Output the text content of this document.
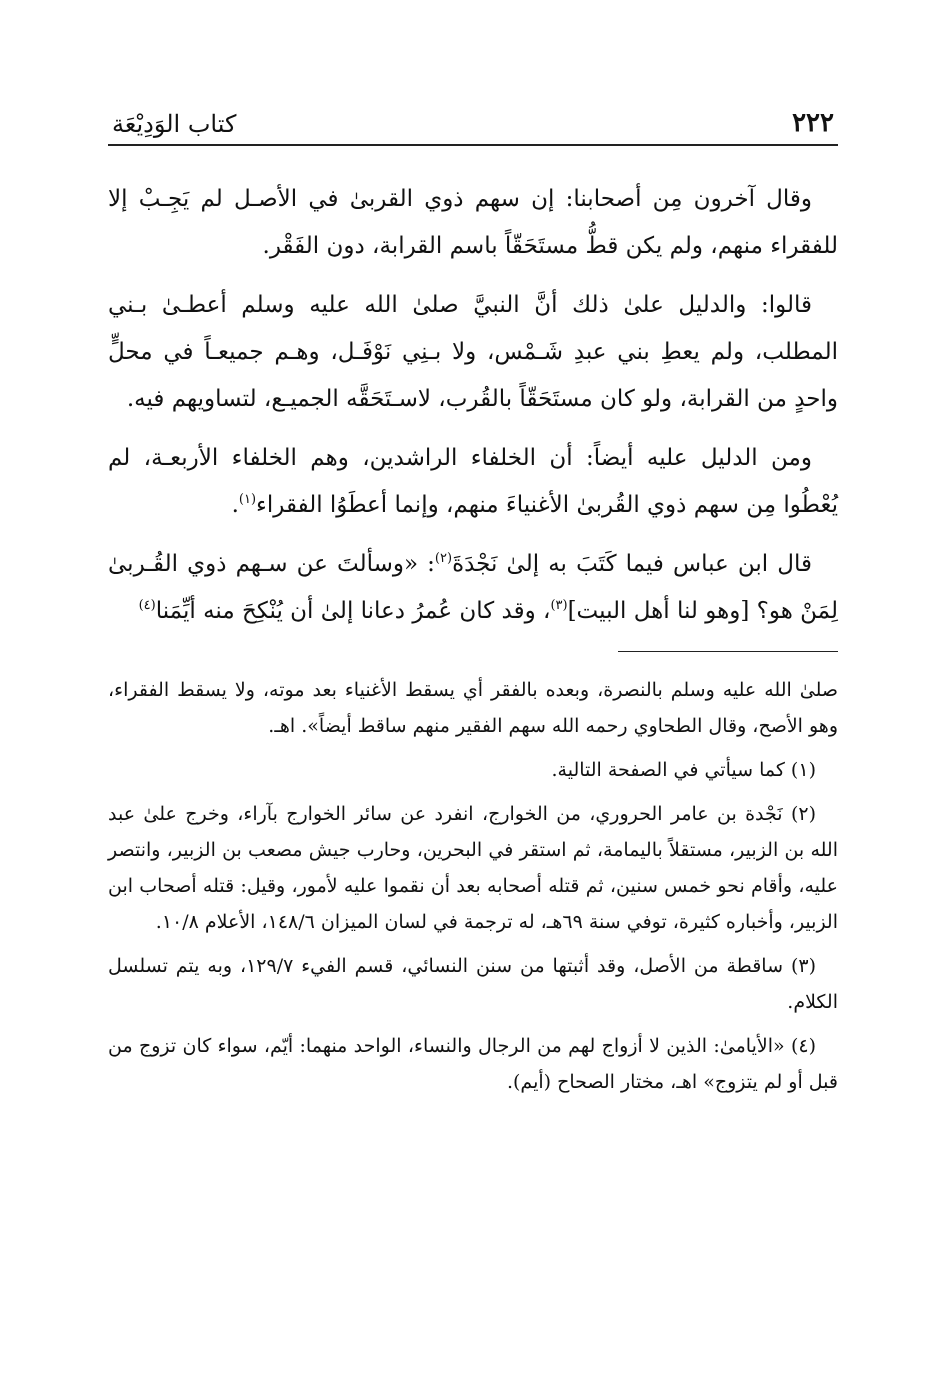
٢٢٢
كتاب الوَدِيْعَة

وقال آخرون مِن أصحابنا: إن سهم ذوي القربىٰ في الأصـل لم يَجِـبْ إلا للفقراء منهم، ولم يكن قطُّ مستَحَقّاً باسم القرابة، دون الفَقْر.

قالوا: والدليل علىٰ ذلك أنَّ النبيَّ صلىٰ الله عليه وسلم أعطـىٰ بـني المطلب، ولم يعطِ بني عبدِ شَـمْس، ولا بـنِي نَوْفَـل، وهـم جميعـاً في محلٍّ واحدٍ من القرابة، ولو كان مستَحَقّاً بالقُرب، لاسـتَحَقَّه الجميـع، لتساويهم فيه.

ومن الدليل عليه أيضاً: أن الخلفاء الراشدين، وهم الخلفاء الأربعـة، لم يُعْطُوا مِن سهم ذوي القُربىٰ الأغنياءَ منهم، وإنما أعطَوُا الفقراء$^{(١)}$.

قال ابن عباس فيما كَتَبَ به إلىٰ نَجْدَةَ$^{(٢)}$: «وسألتَ عن سـهم ذوي القُـربىٰ لِمَنْ هو؟ [وهو لنا أهل البيت]$^{(٣)}$، وقد كان عُمرُ دعانا إلىٰ أن يُنْكِحَ منه أيِّمَنا$^{(٤)}$

صلىٰ الله عليه وسلم بالنصرة، وبعده بالفقر أي يسقط الأغنياء بعد موته، ولا يسقط الفقراء، وهو الأصح، وقال الطحاوي رحمه الله سهم الفقير منهم ساقط أيضاً». اهـ.

(١) كما سيأتي في الصفحة التالية.

(٢) نَجْدة بن عامر الحروري، من الخوارج، انفرد عن سائر الخوارج بآراء، وخرج علىٰ عبد الله بن الزبير، مستقلاً باليمامة، ثم استقر في البحرين، وحارب جيش مصعب بن الزبير، وانتصر عليه، وأقام نحو خمس سنين، ثم قتله أصحابه بعد أن نقموا عليه لأمور، وقيل: قتله أصحاب ابن الزبير، وأخباره كثيرة، توفي سنة ٦٩هـ، له ترجمة في لسان الميزان ١٤٨/٦، الأعلام ١٠/٨.

(٣) ساقطة من الأصل، وقد أثبتها من سنن النسائي، قسم الفيء ١٢٩/٧، وبه يتم تسلسل الكلام.

(٤) «الأيامىٰ: الذين لا أزواج لهم من الرجال والنساء، الواحد منهما: أيّم، سواء كان تزوج من قبل أو لم يتزوج» اهـ، مختار الصحاح (أيم).
